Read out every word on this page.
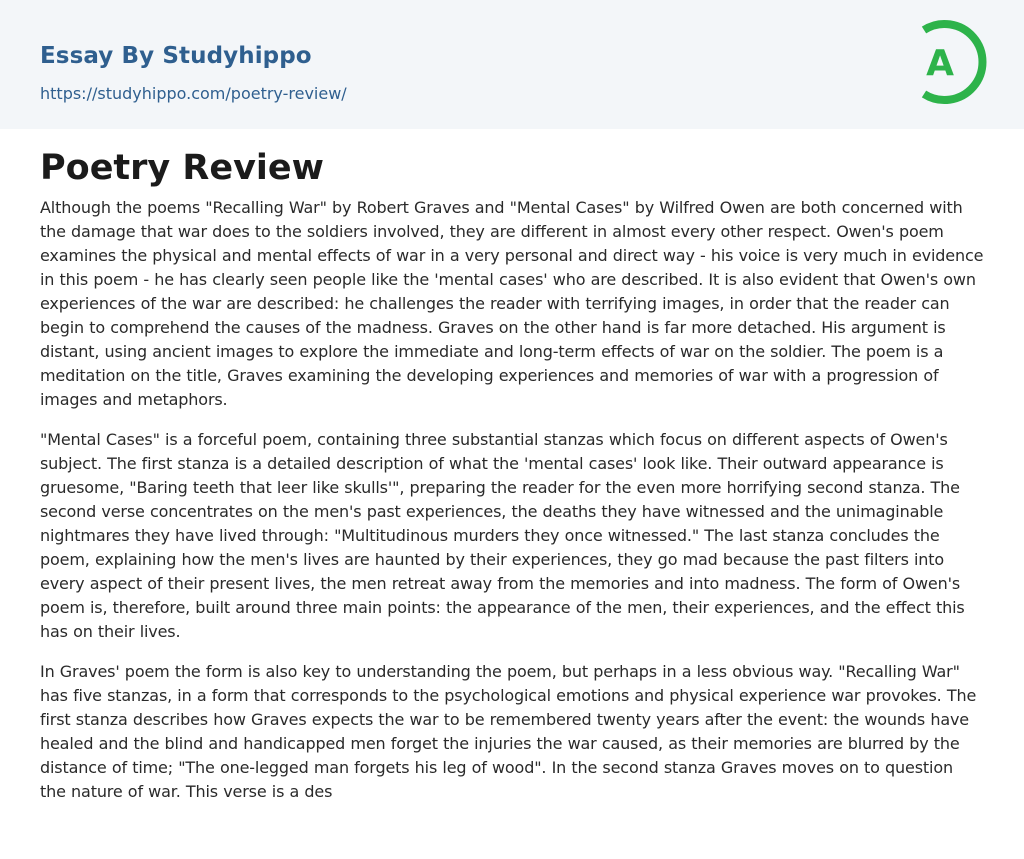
Essay By Studyhippo
https://studyhippo.com/poetry-review/
A
Poetry Review

Although the poems "Recalling War" by Robert Graves and "Mental Cases" by Wilfred Owen are both concerned with the damage that war does to the soldiers involved, they are different in almost every other respect. Owen's poem examines the physical and mental effects of war in a very personal and direct way - his voice is very much in evidence in this poem - he has clearly seen people like the 'mental cases' who are described. It is also evident that Owen's own experiences of the war are described: he challenges the reader with terrifying images, in order that the reader can begin to comprehend the causes of the madness. Graves on the other hand is far more detached. His argument is distant, using ancient images to explore the immediate and long-term effects of war on the soldier. The poem is a meditation on the title, Graves examining the developing experiences and memories of war with a progression of images and metaphors.

"Mental Cases" is a forceful poem, containing three substantial stanzas which focus on different aspects of Owen's subject. The first stanza is a detailed description of what the 'mental cases' look like. Their outward appearance is gruesome, "Baring teeth that leer like skulls'", preparing the reader for the even more horrifying second stanza. The second verse concentrates on the men's past experiences, the deaths they have witnessed and the unimaginable nightmares they have lived through: "Multitudinous murders they once witnessed." The last stanza concludes the poem, explaining how the men's lives are haunted by their experiences, they go mad because the past filters into every aspect of their present lives, the men retreat away from the memories and into madness. The form of Owen's poem is, therefore, built around three main points: the appearance of the men, their experiences, and the effect this has on their lives.

In Graves' poem the form is also key to understanding the poem, but perhaps in a less obvious way. "Recalling War" has five stanzas, in a form that corresponds to the psychological emotions and physical experience war provokes. The first stanza describes how Graves expects the war to be remembered twenty years after the event: the wounds have healed and the blind and handicapped men forget the injuries the war caused, as their memories are blurred by the distance of time; "The one-legged man forgets his leg of wood". In the second stanza Graves moves on to question the nature of war. This verse is a des
